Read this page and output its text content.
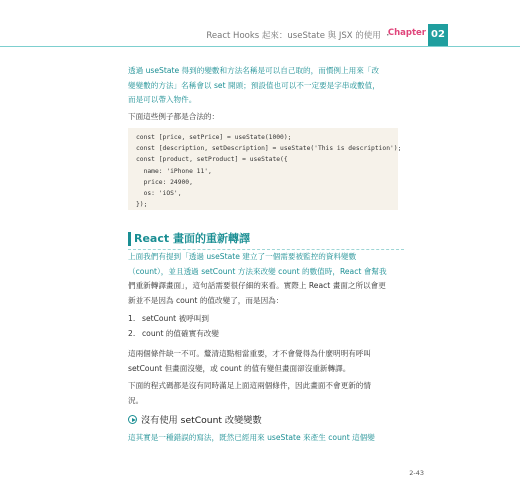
React Hooks 起來：useState 與 JSX 的使用 ・
Chapter 02

透過 useState 得到的變數和方法名稱是可以自己取的，而慣例上用來「改

變變數的方法」名稱會以 set 開頭；預設值也可以不一定要是字串或數值，

而是可以帶入物件。

下面這些例子都是合法的：

const [price, setPrice] = useState(1000);
const [description, setDescription] = useState('This is description');
const [product, setProduct] = useState({
name: 'iPhone 11',
price: 24900,
os: 'iOS',
});
React 畫面的重新轉譯

上面我們有提到「透過 useState 建立了一個需要被監控的資料變數

（count），並且透過 setCount 方法來改變 count 的數值時，React 會幫我

們重新轉譯畫面」，這句話需要很仔細的來看。實際上 React 畫面之所以會更

新並不是因為 count 的值改變了，而是因為：

1. setCount 被呼叫到
2. count 的值確實有改變

這兩個條件缺一不可。釐清這點相當重要，才不會覺得為什麼明明有呼叫

setCount 但畫面沒變，或 count 的值有變但畫面卻沒重新轉譯。

下面的程式碼都是沒有同時滿足上面這兩個條件，因此畫面不會更新的情

況。

沒有使用 setCount 改變變數

這其實是一種錯誤的寫法，既然已經用來 useState 來產生 count 這個變

2-43
